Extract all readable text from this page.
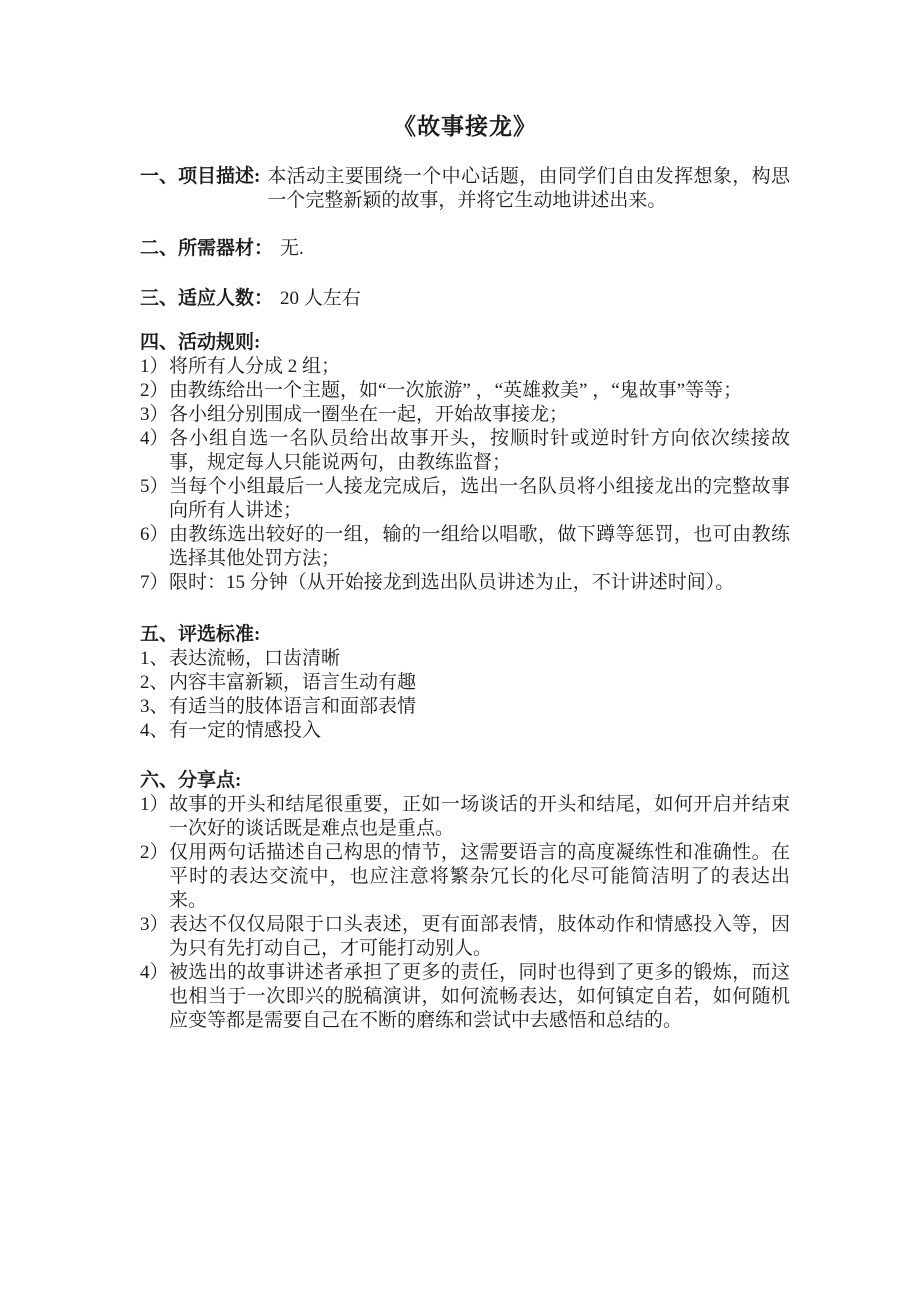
《故事接龙》
一、项目描述: 本活动主要围绕一个中心话题，由同学们自由发挥想象，构思一个完整新颖的故事，并将它生动地讲述出来。
二、所需器材： 无.
三、适应人数： 20 人左右
四、活动规则:
1） 将所有人分成 2 组；
2） 由教练给出一个主题，如“一次旅游” ，“英雄救美” ，“鬼故事”等等；
3） 各小组分别围成一圈坐在一起，开始故事接龙；
4） 各小组自选一名队员给出故事开头，按顺时针或逆时针方向依次续接故事，规定每人只能说两句，由教练监督；
5） 当每个小组最后一人接龙完成后，选出一名队员将小组接龙出的完整故事向所有人讲述；
6） 由教练选出较好的一组，输的一组给以唱歌，做下蹲等惩罚，也可由教练选择其他处罚方法；
7） 限时：15 分钟（从开始接龙到选出队员讲述为止，不计讲述时间）。
五、评选标准:
1、 表达流畅，口齿清晰
2、 内容丰富新颖，语言生动有趣
3、 有适当的肢体语言和面部表情
4、 有一定的情感投入
六、分享点:
1） 故事的开头和结尾很重要，正如一场谈话的开头和结尾，如何开启并结束一次好的谈话既是难点也是重点。
2） 仅用两句话描述自己构思的情节，这需要语言的高度凝练性和准确性。在平时的表达交流中，也应注意将繁杂冗长的化尽可能简洁明了的表达出来。
3） 表达不仅仅局限于口头表述，更有面部表情，肢体动作和情感投入等，因为只有先打动自己，才可能打动别人。
4） 被选出的故事讲述者承担了更多的责任，同时也得到了更多的锻炼，而这也相当于一次即兴的脱稿演讲，如何流畅表达，如何镇定自若，如何随机应变等都是需要自己在不断的磨练和尝试中去感悟和总结的。
